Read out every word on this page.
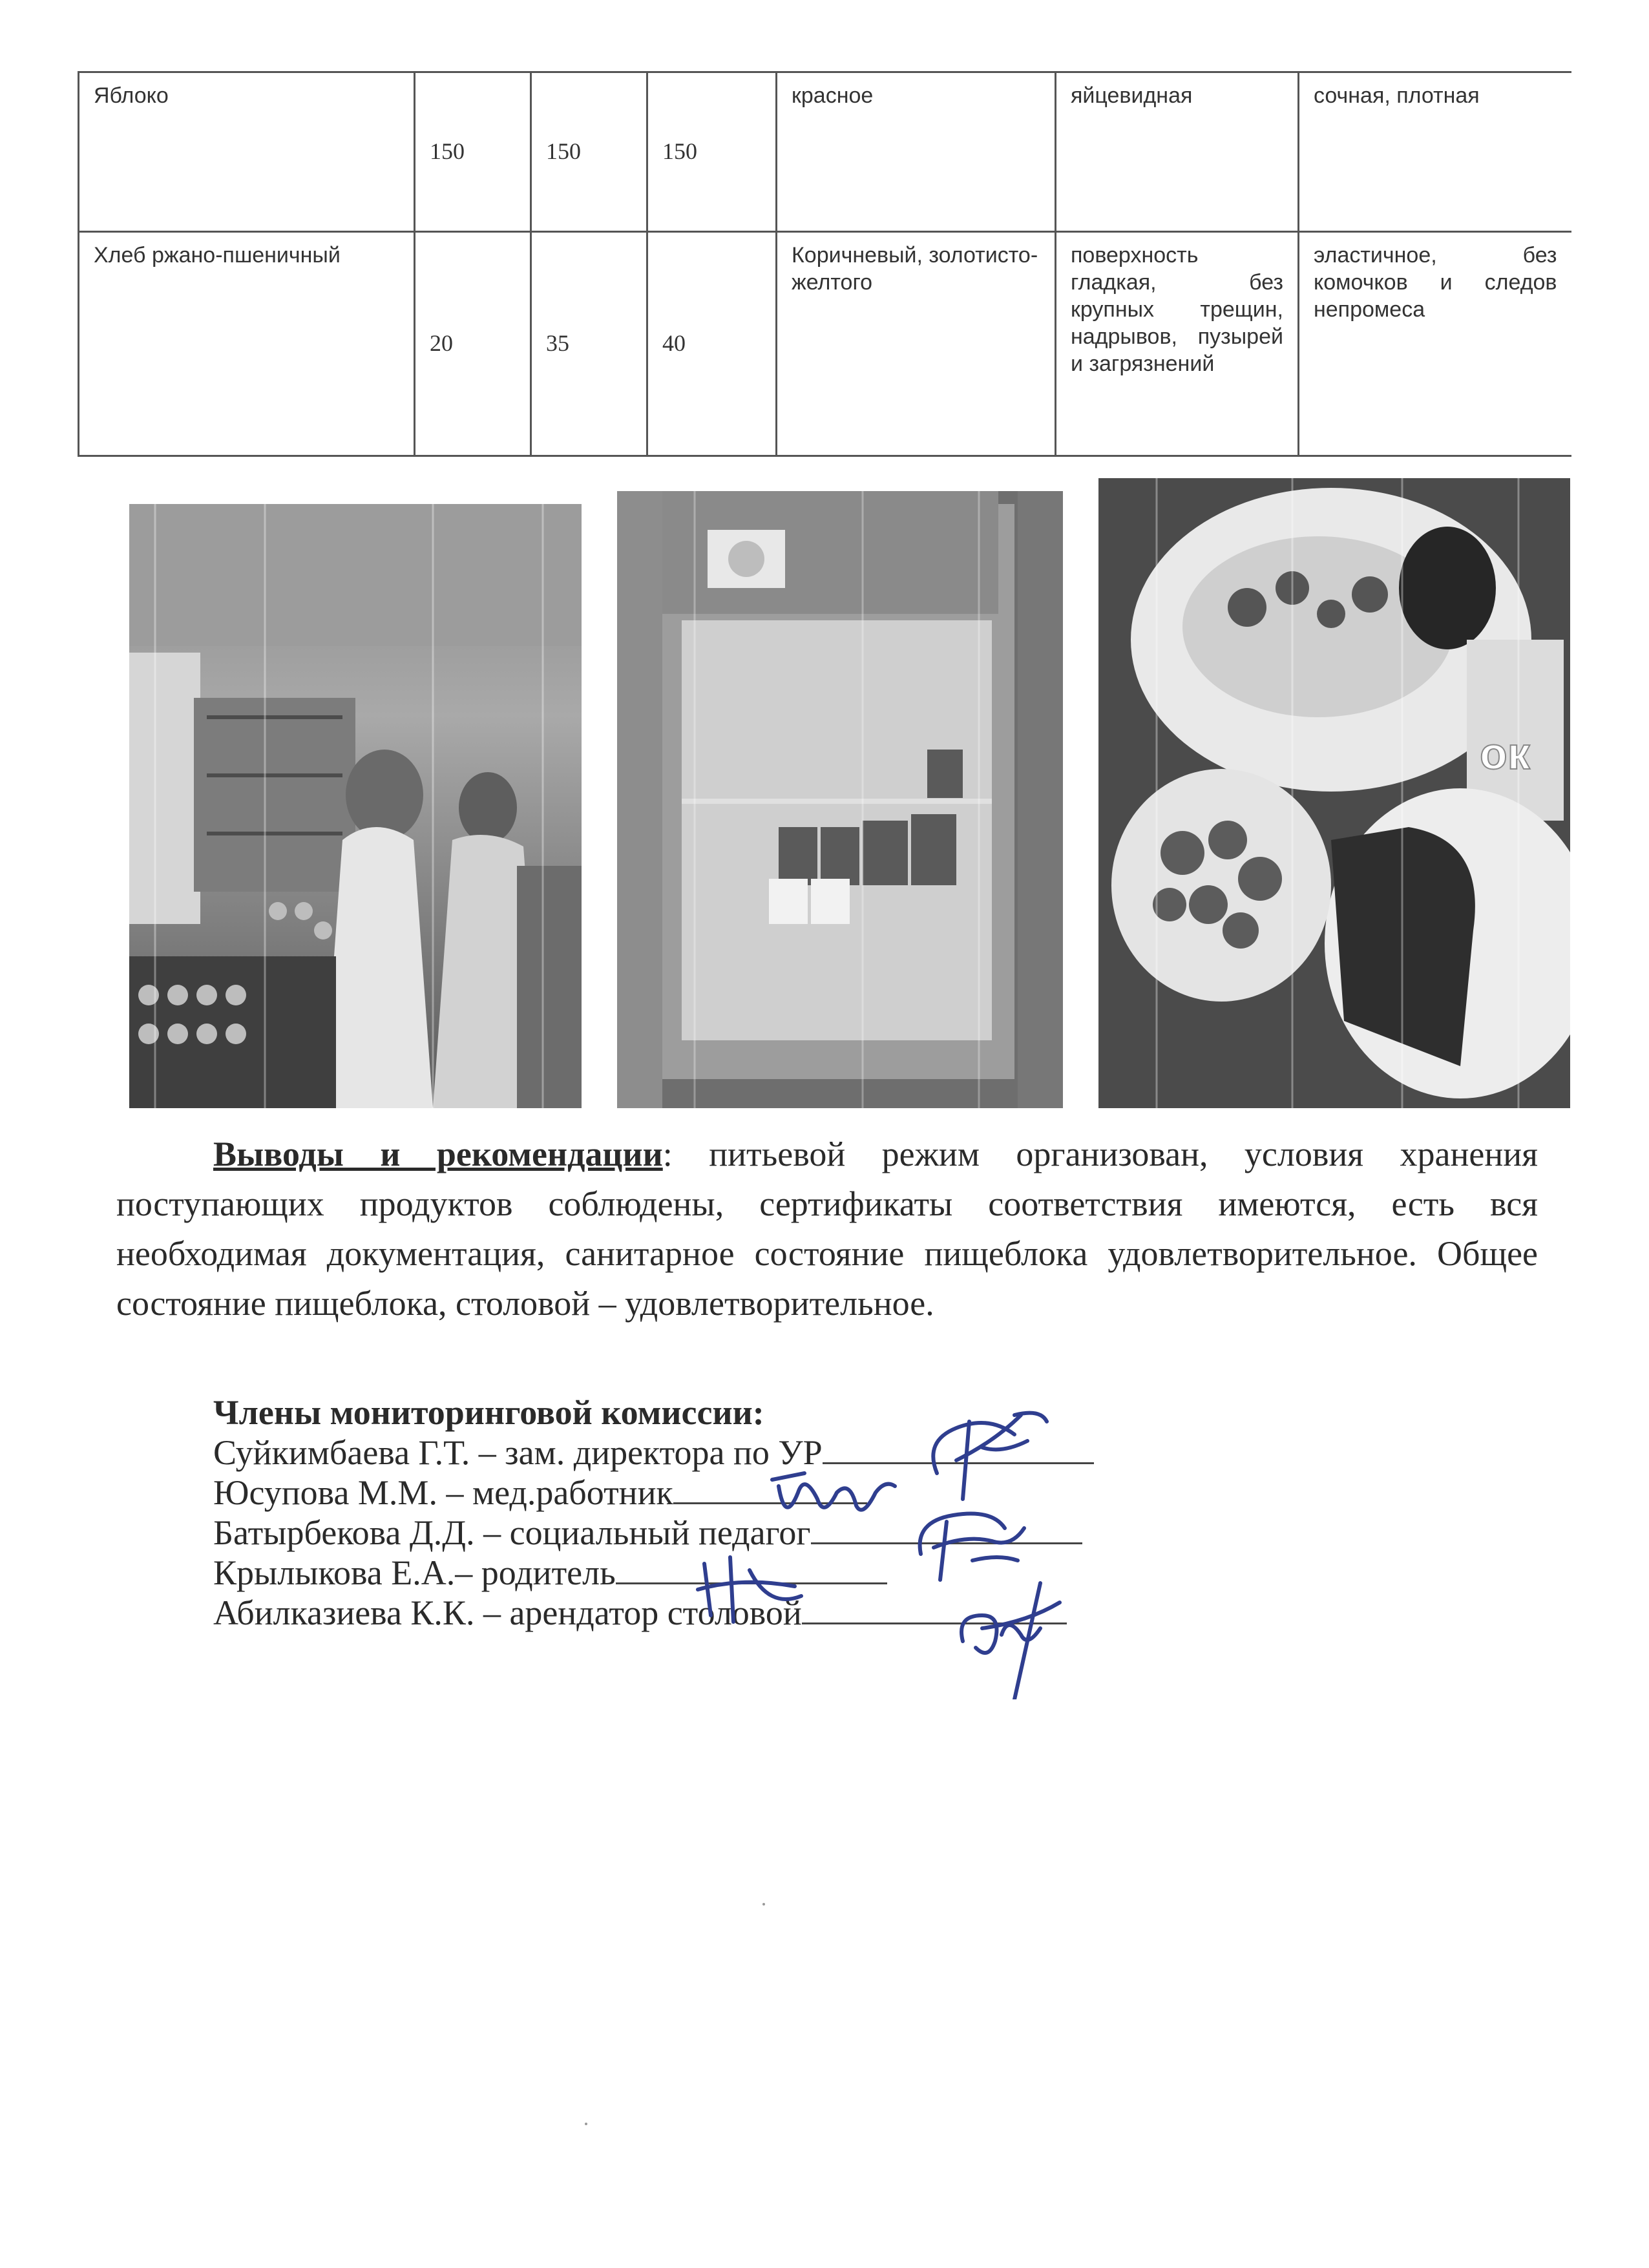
Яблоко	150	150	150	красное	яйцевидная	сочная, плотная
Хлеб ржано-пшеничный	20	35	40	Коричневый, золотисто-желтого	поверхность гладкая, без крупных трещин, надрывов, пузырей и загрязнений	эластичное, без комочков и следов непромеса
ок
Выводы и рекомендации: питьевой режим организован, условия хранения поступающих продуктов соблюдены, сертификаты соответствия имеются, есть вся необходимая документация, санитарное состояние пищеблока удовлетворительное. Общее состояние пищеблока, столовой – удовлетворительное.
Члены мониторинговой комиссии:
Суйкимбаева Г.Т. – зам. директора по УР
Юсупова М.М. – мед.работник
Батырбекова Д.Д. – социальный педагог
Крылыкова Е.А.– родитель
Абилказиева К.К. – арендатор столовой
